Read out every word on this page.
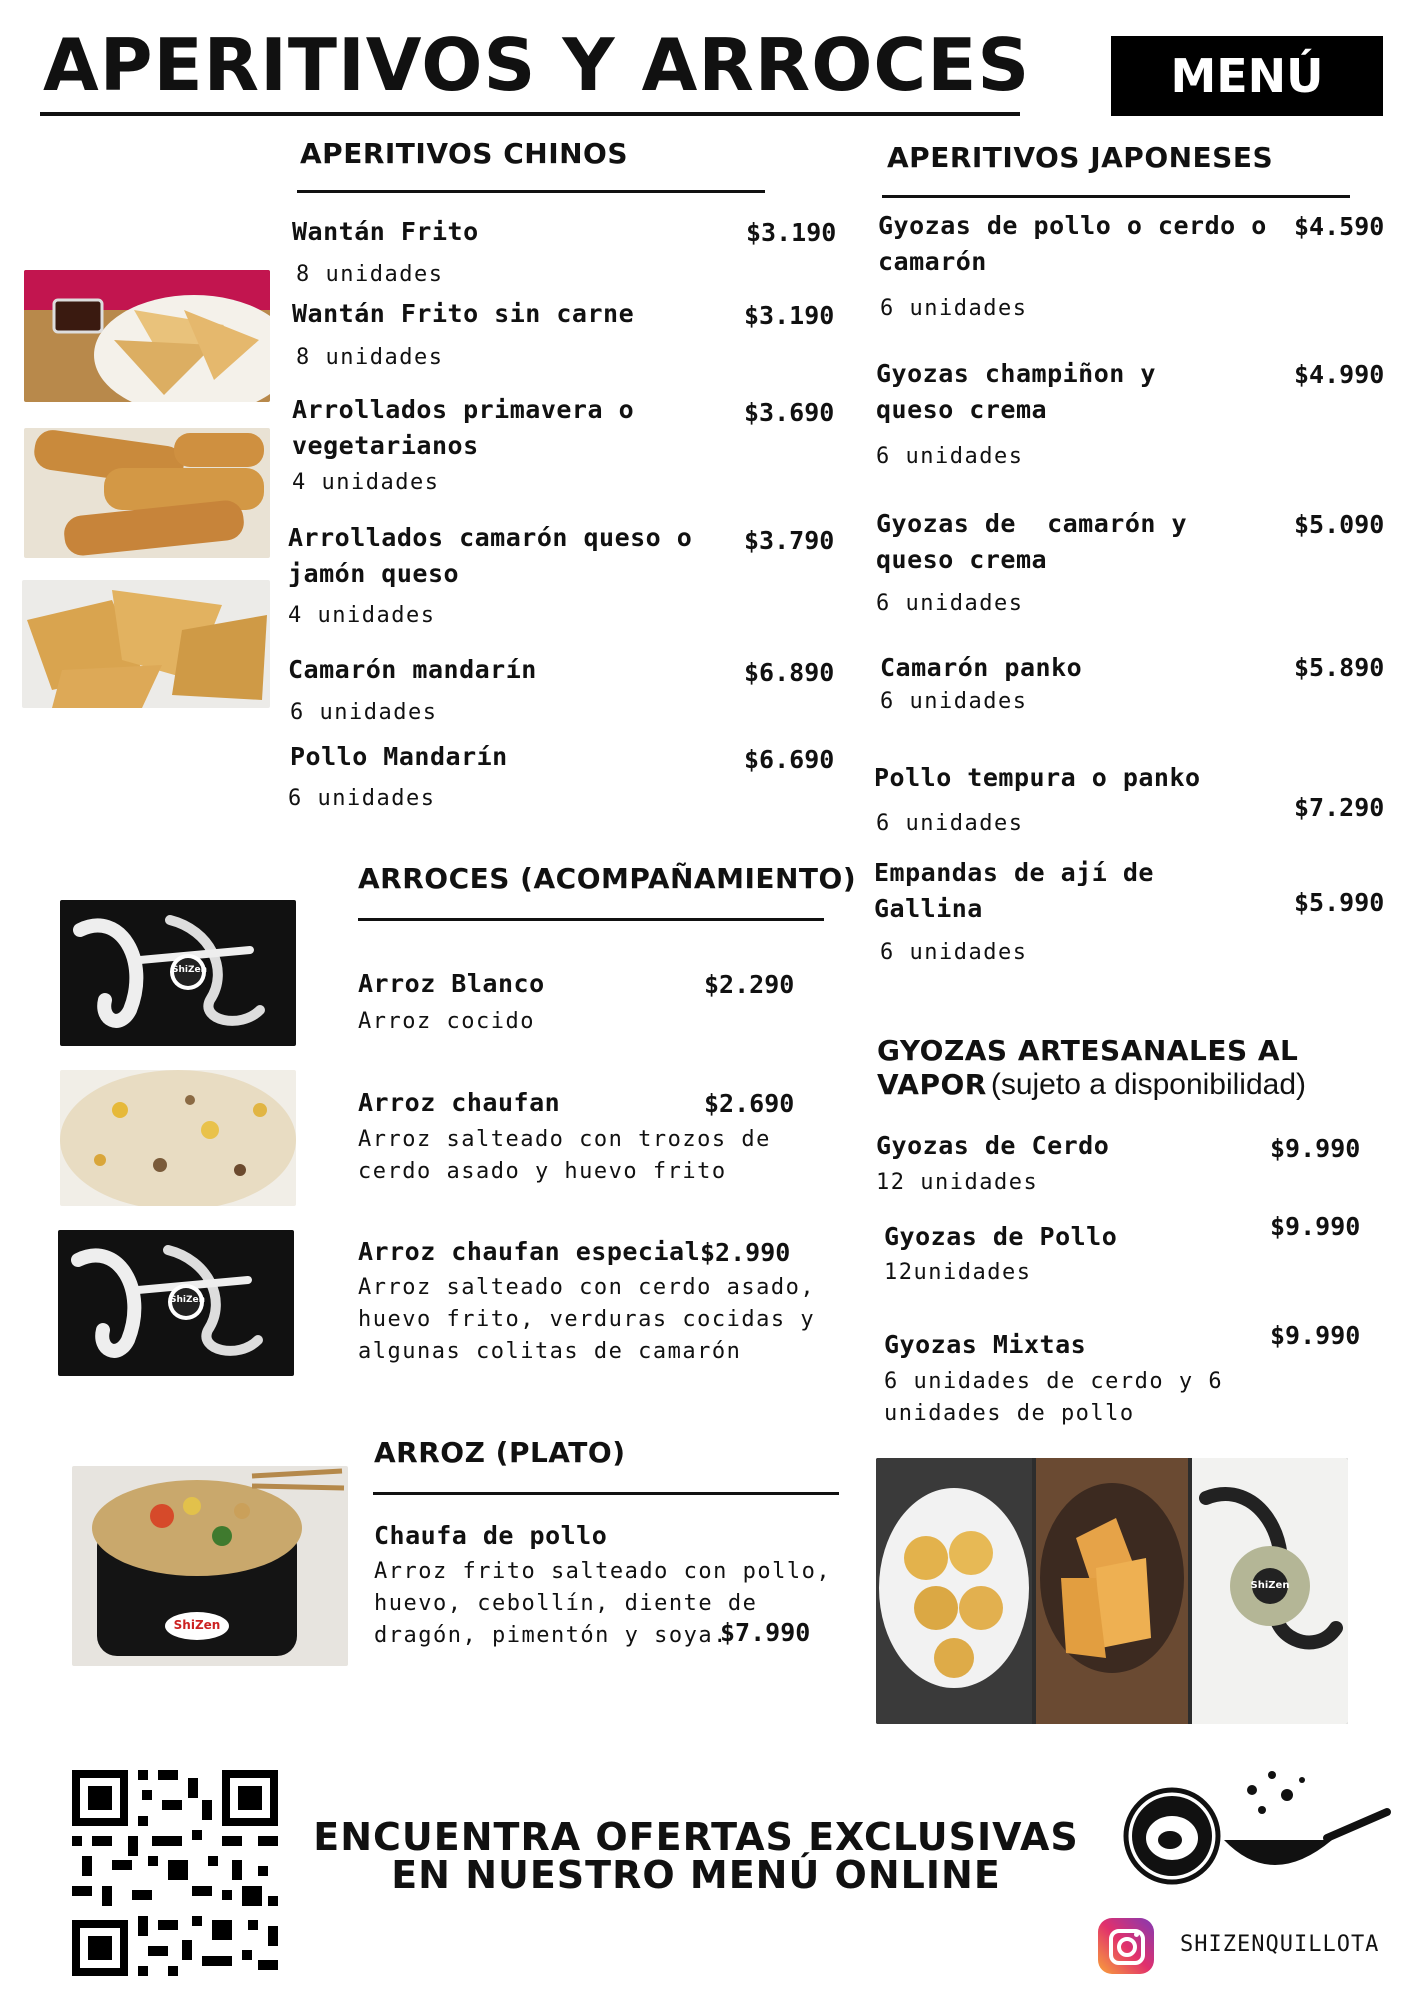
APERITIVOS Y ARROCES	MENÚ
APERITIVOS CHINOS
Wantán Frito	$3.190
8 unidades
Wantán Frito sin carne	$3.190
8 unidades
Arrollados primavera o vegetarianos
$3.690
4 unidades
Arrollados camarón queso o jamón queso
$3.790
4 unidades
Camarón mandarín	$6.890
6 unidades
Pollo Mandarín	$6.690
6 unidades
APERITIVOS JAPONESES
Gyozas de pollo o cerdo o camarón
$4.590
6 unidades
Gyozas champiñon y queso crema
$4.990
6 unidades
Gyozas de  camarón y queso crema
$5.090
6 unidades
Camarón panko	$5.890
6 unidades
Pollo tempura o panko
$7.290
6 unidades
Empandas de ají de Gallina	$5.990
6 unidades
ARROCES (ACOMPAÑAMIENTO)
Arroz Blanco	$2.290
Arroz cocido
Arroz chaufan	$2.690
Arroz salteado con trozos de cerdo asado y huevo frito
Arroz chaufan especial $2.990
Arroz salteado con cerdo asado, huevo frito, verduras cocidas y algunas colitas de camarón
ShiZen
ShiZen
GYOZAS ARTESANALES AL
VAPOR (sujeto a disponibilidad)
Gyozas de Cerdo	$9.990
12 unidades
Gyozas de Pollo	$9.990
12unidades
Gyozas Mixtas	$9.990
6 unidades de cerdo y 6 unidades de pollo
ARROZ (PLATO)
Chaufa de pollo
Arroz frito salteado con pollo, huevo, cebollín, diente de dragón, pimentón y soya.
$7.990
ShiZen
ShiZen
ENCUENTRA OFERTAS EXCLUSIVAS
EN NUESTRO MENÚ ONLINE
SHIZENQUILLOTA
